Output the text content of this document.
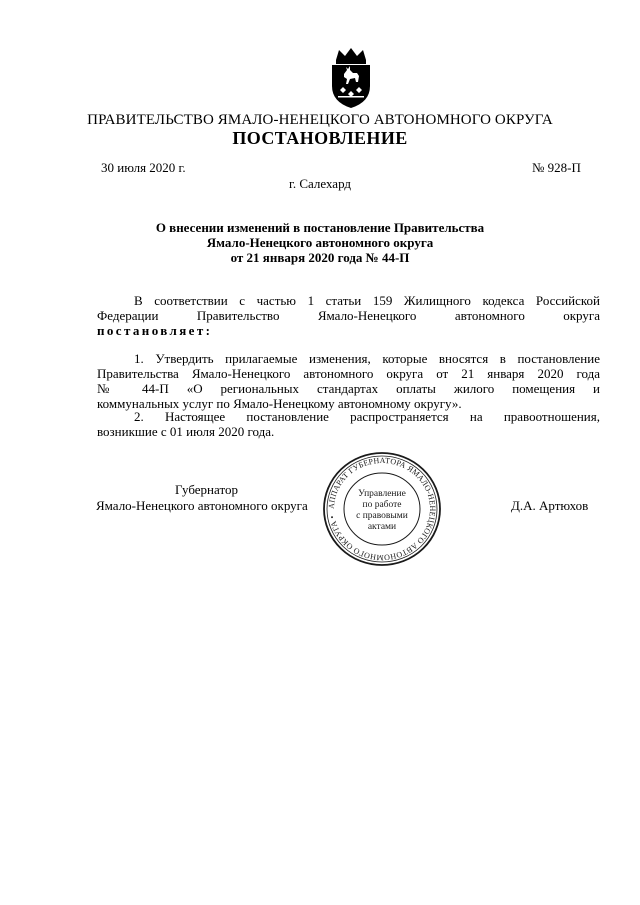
ПРАВИТЕЛЬСТВО ЯМАЛО-НЕНЕЦКОГО АВТОНОМНОГО ОКРУГА
ПОСТАНОВЛЕНИЕ
30 июля 2020 г.	№ 928-П
г. Салехард
О внесении изменений в постановление Правительства
Ямало-Ненецкого автономного округа
от 21 января 2020 года № 44-П
В соответствии с частью 1 статьи 159 Жилищного кодекса Российской
Федерации Правительство Ямало-Ненецкого автономного округа
постановляет:
1. Утвердить прилагаемые изменения, которые вносятся в постановление
Правительства Ямало-Ненецкого автономного округа от 21 января 2020 года
№ 44-П «О региональных стандартах оплаты жилого помещения и
коммунальных услуг по Ямало-Ненецкому автономному округу».
2. Настоящее постановление распространяется на правоотношения,
возникшие с 01 июля 2020 года.
Губернатор
Ямало-Ненецкого автономного округа	Д.А. Артюхов
АППАРАТ ГУБЕРНАТОРА ЯМАЛО-НЕНЕЦКОГО АВТОНОМНОГО ОКРУГА •
Управление
по работе
с правовыми
актами
